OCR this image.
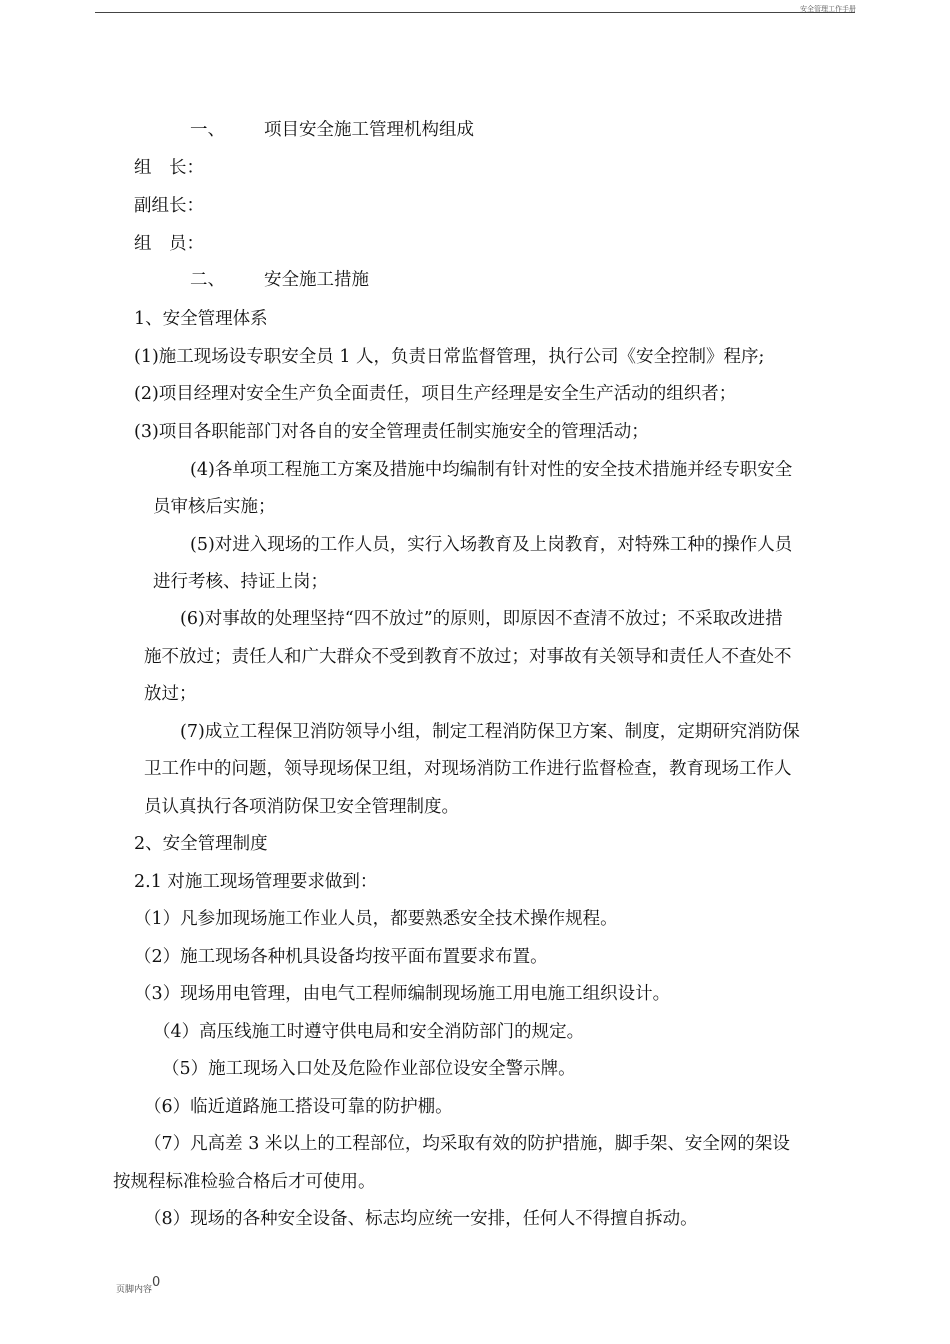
安全管理工作手册
一、 项目安全施工管理机构组成
组　长：
副组长：
组　员：
二、 安全施工措施
1、安全管理体系
(1)施工现场设专职安全员 1 人，负责日常监督管理，执行公司《安全控制》程序;
(2)项目经理对安全生产负全面责任，项目生产经理是安全生产活动的组织者；
(3)项目各职能部门对各自的安全管理责任制实施安全的管理活动；
(4)各单项工程施工方案及措施中均编制有针对性的安全技术措施并经专职安全
员审核后实施；
(5)对进入现场的工作人员，实行入场教育及上岗教育，对特殊工种的操作人员
进行考核、持证上岗；
(6)对事故的处理坚持“四不放过”的原则，即原因不查清不放过；不采取改进措
施不放过；责任人和广大群众不受到教育不放过；对事故有关领导和责任人不查处不
放过；
(7)成立工程保卫消防领导小组，制定工程消防保卫方案、制度，定期研究消防保
卫工作中的问题，领导现场保卫组，对现场消防工作进行监督检查，教育现场工作人
员认真执行各项消防保卫安全管理制度。
2、安全管理制度
2.1 对施工现场管理要求做到：
（1）凡参加现场施工作业人员，都要熟悉安全技术操作规程。
（2）施工现场各种机具设备均按平面布置要求布置。
（3）现场用电管理，由电气工程师编制现场施工用电施工组织设计。
（4）高压线施工时遵守供电局和安全消防部门的规定。
（5）施工现场入口处及危险作业部位设安全警示牌。
（6）临近道路施工搭设可靠的防护棚。
（7）凡高差 3 米以上的工程部位，均采取有效的防护措施，脚手架、安全网的架设
按规程标准检验合格后才可使用。
（8）现场的各种安全设备、标志均应统一安排，任何人不得擅自拆动。
页脚内容0
